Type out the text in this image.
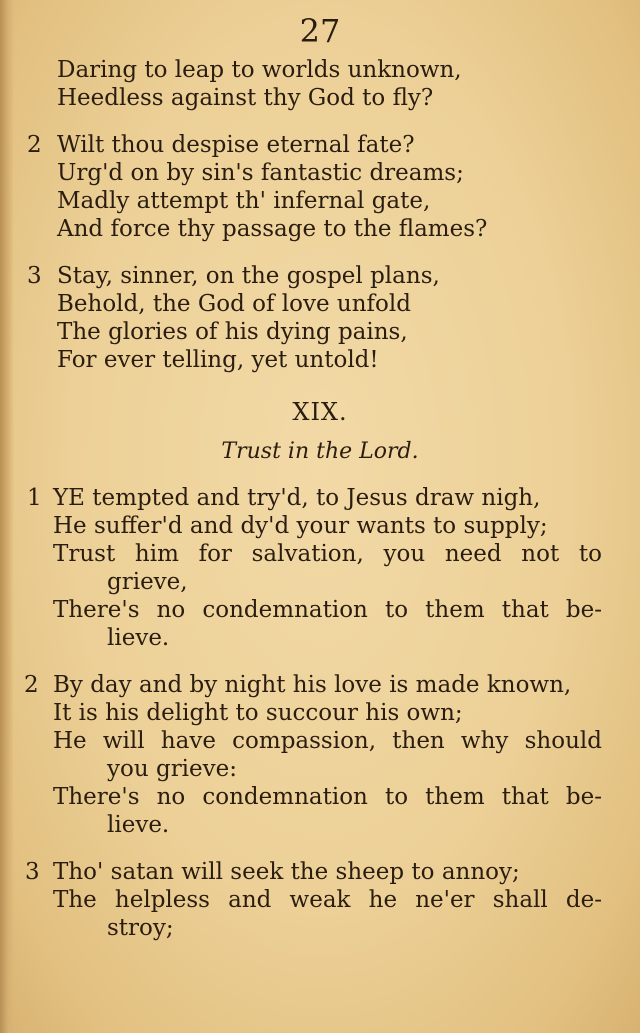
27
Daring to leap to worlds unknown,
Heedless against thy God to fly?
2 Wilt thou despise eternal fate?
Urg'd on by sin's fantastic dreams;
Madly attempt th' infernal gate,
And force thy passage to the flames?
3 Stay, sinner, on the gospel plans,
Behold, the God of love unfold
The glories of his dying pains,
For ever telling, yet untold!
XIX.
Trust in the Lord.
1 YE tempted and try'd, to Jesus draw nigh,
He suffer'd and dy'd your wants to supply;
Trust him for salvation, you need not to
grieve,
There's no condemnation to them that be-
lieve.
2 By day and by night his love is made known,
It is his delight to succour his own;
He will have compassion, then why should
you grieve:
There's no condemnation to them that be-
lieve.
3 Tho' satan will seek the sheep to annoy;
The helpless and weak he ne'er shall de-
stroy;
